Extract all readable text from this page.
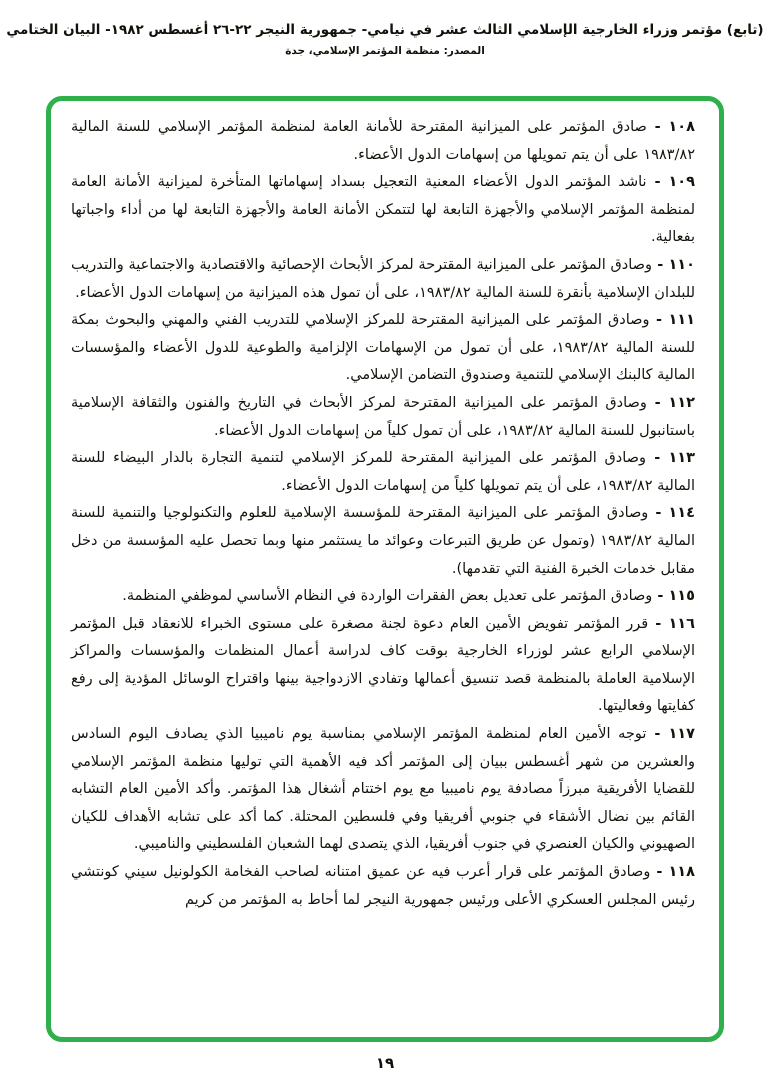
(تابع) مؤتمر وزراء الخارجية الإسلامي الثالث عشر في نيامي- جمهورية النيجر ٢٢-٢٦ أغسطس ١٩٨٢- البيان الختامي
المصدر: منظمة المؤتمر الإسلامي، جدة

١٠٨ - صادق المؤتمر على الميزانية المقترحة للأمانة العامة لمنظمة المؤتمر الإسلامي للسنة المالية ١٩٨٣/٨٢ على أن يتم تمويلها من إسهامات الدول الأعضاء.

١٠٩ - ناشد المؤتمر الدول الأعضاء المعنية التعجيل بسداد إسهاماتها المتأخرة لميزانية الأمانة العامة لمنظمة المؤتمر الإسلامي والأجهزة التابعة لها لتتمكن الأمانة العامة والأجهزة التابعة لها من أداء واجباتها بفعالية.

١١٠ - وصادق المؤتمر على الميزانية المقترحة لمركز الأبحاث الإحصائية والاقتصادية والاجتماعية والتدريب للبلدان الإسلامية بأنقرة للسنة المالية ١٩٨٣/٨٢، على أن تمول هذه الميزانية من إسهامات الدول الأعضاء.

١١١ - وصادق المؤتمر على الميزانية المقترحة للمركز الإسلامي للتدريب الفني والمهني والبحوث بمكة للسنة المالية ١٩٨٣/٨٢، على أن تمول من الإسهامات الإلزامية والطوعية للدول الأعضاء والمؤسسات المالية كالبنك الإسلامي للتنمية وصندوق التضامن الإسلامي.

١١٢ - وصادق المؤتمر على الميزانية المقترحة لمركز الأبحاث في التاريخ والفنون والثقافة الإسلامية باستانبول للسنة المالية ١٩٨٣/٨٢، على أن تمول كلياً من إسهامات الدول الأعضاء.

١١٣ - وصادق المؤتمر على الميزانية المقترحة للمركز الإسلامي لتنمية التجارة بالدار البيضاء للسنة المالية ١٩٨٣/٨٢، على أن يتم تمويلها كلياً من إسهامات الدول الأعضاء.

١١٤ - وصادق المؤتمر على الميزانية المقترحة للمؤسسة الإسلامية للعلوم والتكنولوجيا والتنمية للسنة المالية ١٩٨٣/٨٢ (وتمول عن طريق التبرعات وعوائد ما يستثمر منها وبما تحصل عليه المؤسسة من دخل مقابل خدمات الخبرة الفنية التي تقدمها).

١١٥ - وصادق المؤتمر على تعديل بعض الفقرات الواردة في النظام الأساسي لموظفي المنظمة.

١١٦ - قرر المؤتمر تفويض الأمين العام دعوة لجنة مصغرة على مستوى الخبراء للانعقاد قبل المؤتمر الإسلامي الرابع عشر لوزراء الخارجية بوقت كاف لدراسة أعمال المنظمات والمؤسسات والمراكز الإسلامية العاملة بالمنظمة قصد تنسيق أعمالها وتفادي الازدواجية بينها واقتراح الوسائل المؤدية إلى رفع كفايتها وفعاليتها.

١١٧ - توجه الأمين العام لمنظمة المؤتمر الإسلامي بمناسبة يوم ناميبيا الذي يصادف اليوم السادس والعشرين من شهر أغسطس ببيان إلى المؤتمر أكد فيه الأهمية التي توليها منظمة المؤتمر الإسلامي للقضايا الأفريقية مبرزاً مصادفة يوم ناميبيا مع يوم اختتام أشغال هذا المؤتمر. وأكد الأمين العام التشابه القائم بين نضال الأشقاء في جنوبي أفريقيا وفي فلسطين المحتلة. كما أكد على تشابه الأهداف للكيان الصهيوني والكيان العنصري في جنوب أفريقيا، الذي يتصدى لهما الشعبان الفلسطيني والناميبي.

١١٨ - وصادق المؤتمر على قرار أعرب فيه عن عميق امتنانه لصاحب الفخامة الكولونيل سيني كونتشي رئيس المجلس العسكري الأعلى ورئيس جمهورية النيجر لما أحاط به المؤتمر من كريم

١٩
